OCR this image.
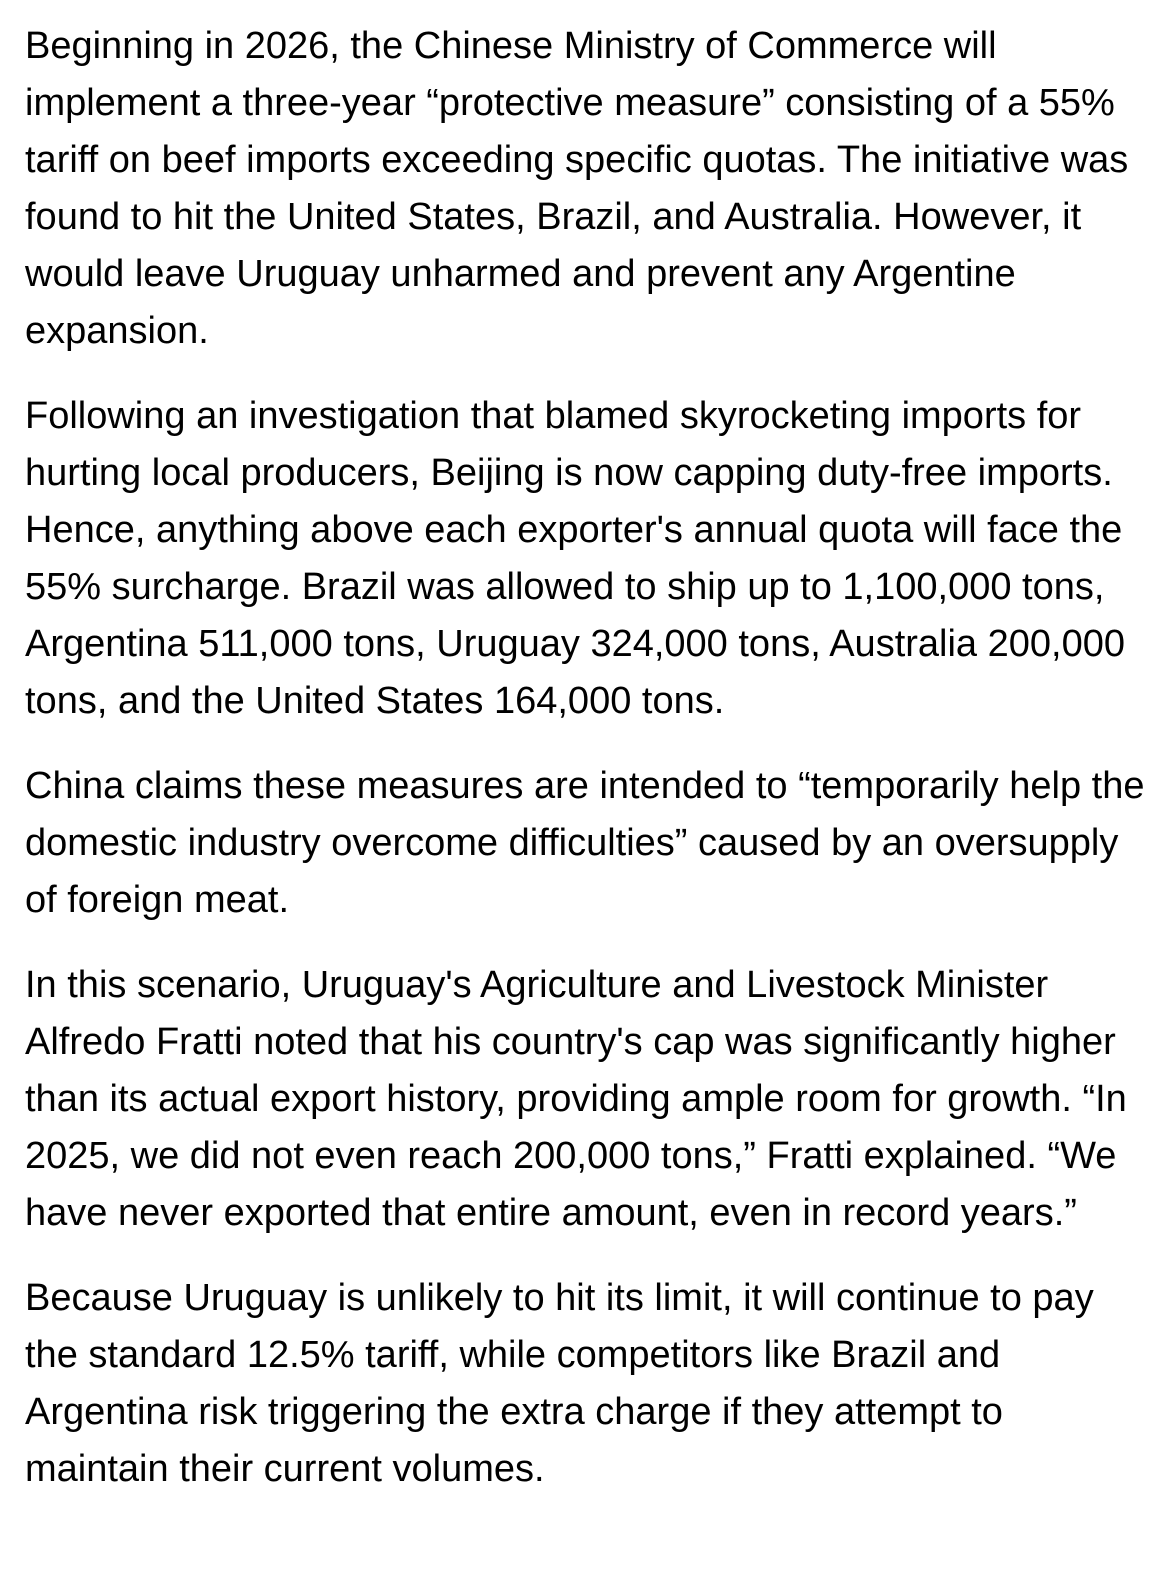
Beginning in 2026, the Chinese Ministry of Commerce will implement a three-year “protective measure” consisting of a 55% tariff on beef imports exceeding specific quotas. The initiative was found to hit the United States, Brazil, and Australia. However, it would leave Uruguay unharmed and prevent any Argentine expansion.

Following an investigation that blamed skyrocketing imports for hurting local producers, Beijing is now capping duty-free imports. Hence, anything above each exporter's annual quota will face the 55% surcharge. Brazil was allowed to ship up to 1,100,000 tons, Argentina 511,000 tons, Uruguay 324,000 tons, Australia 200,000 tons, and the United States 164,000 tons.

China claims these measures are intended to “temporarily help the domestic industry overcome difficulties” caused by an oversupply of foreign meat.

In this scenario, Uruguay's Agriculture and Livestock Minister Alfredo Fratti noted that his country's cap was significantly higher than its actual export history, providing ample room for growth. “In 2025, we did not even reach 200,000 tons,” Fratti explained. “We have never exported that entire amount, even in record years.”

Because Uruguay is unlikely to hit its limit, it will continue to pay the standard 12.5% tariff, while competitors like Brazil and Argentina risk triggering the extra charge if they attempt to maintain their current volumes.
